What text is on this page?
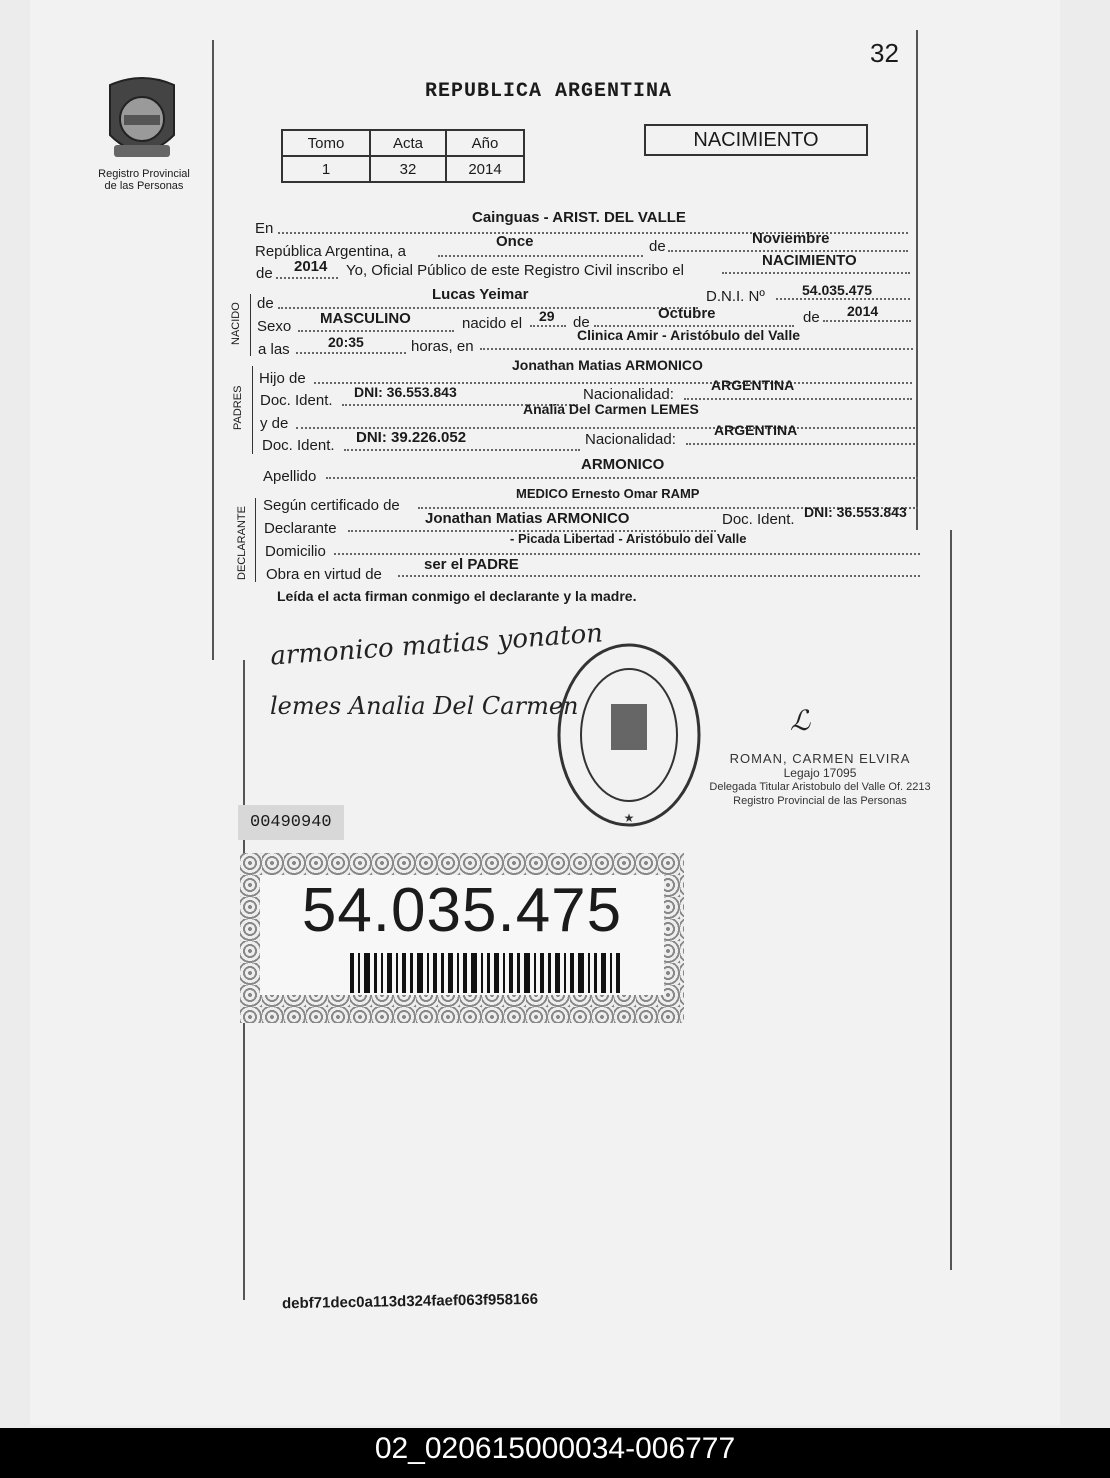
32
Registro Provincial
de las Personas
REPUBLICA ARGENTINA
Tomo	Acta	Año
1	32	2014
NACIMIENTO
En
Cainguas - ARIST. DEL VALLE
República Argentina, a
Once	de	Noviembre
de 2014 Yo, Oficial Público de este Registro Civil inscribo el
NACIMIENTO
NACIDO de
Lucas Yeimar	D.N.I. Nº	54.035.475
Sexo MASCULINO	nacido el 29 de
Octubre	de 2014
a las	20:35	horas, en
Clinica Amir - Aristóbulo del Valle
PADRES
Hijo de
Jonathan Matias ARMONICO
Doc. Ident. DNI: 36.553.843	Nacionalidad:
ARGENTINA
y de
Analia Del Carmen LEMES
Doc. Ident. DNI: 39.226.052	Nacionalidad:
ARGENTINA
Apellido
ARMONICO
DECLARANTE
Según certificado de
MEDICO Ernesto Omar RAMP
Declarante
Jonathan Matias ARMONICO	Doc. Ident. DNI: 36.553.843
Domicilio
- Picada Libertad - Aristóbulo del Valle
Obra en virtud de
ser el PADRE
Leída el acta firman conmigo el declarante y la madre.
armonico matias yonaton
lemes Analia Del Carmen
★
ℒ
ROMAN, CARMEN ELVIRA
Legajo 17095
Delegada Titular Aristobulo del Valle Of. 2213
Registro Provincial de las Personas
00490940
54.035.475
debf71dec0a113d324faef063f958166
02_020615000034-006777
